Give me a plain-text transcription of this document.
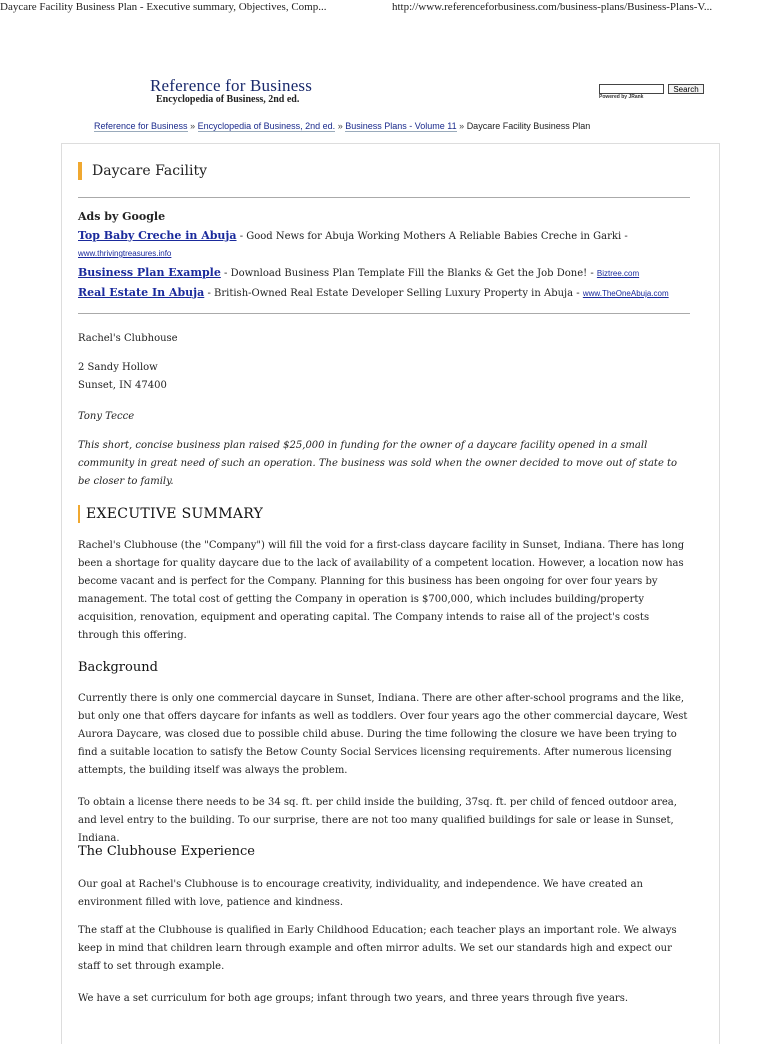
Daycare Facility Business Plan - Executive summary, Objectives, Comp...	http://www.referenceforbusiness.com/business-plans/Business-Plans-V...
Reference for Business
Encyclopedia of Business, 2nd ed.
Search
Powered by JRank
Reference for Business » Encyclopedia of Business, 2nd ed. » Business Plans - Volume 11 » Daycare Facility Business Plan
Daycare Facility
Ads by Google
Top Baby Creche in Abuja - Good News for Abuja Working Mothers A Reliable Babies Creche in Garki -
www.thrivingtreasures.info
Business Plan Example - Download Business Plan Template Fill the Blanks & Get the Job Done! - Biztree.com
Real Estate In Abuja - British-Owned Real Estate Developer Selling Luxury Property in Abuja - www.TheOneAbuja.com
Rachel's Clubhouse
2 Sandy Hollow
Sunset, IN 47400
Tony Tecce
This short, concise business plan raised $25,000 in funding for the owner of a daycare facility opened in a small community in great need of such an operation. The business was sold when the owner decided to move out of state to be closer to family.
EXECUTIVE SUMMARY
Rachel's Clubhouse (the "Company") will fill the void for a first-class daycare facility in Sunset, Indiana. There has long been a shortage for quality daycare due to the lack of availability of a competent location. However, a location now has become vacant and is perfect for the Company. Planning for this business has been ongoing for over four years by management. The total cost of getting the Company in operation is $700,000, which includes building/property acquisition, renovation, equipment and operating capital. The Company intends to raise all of the project's costs through this offering.
Background
Currently there is only one commercial daycare in Sunset, Indiana. There are other after-school programs and the like, but only one that offers daycare for infants as well as toddlers. Over four years ago the other commercial daycare, West Aurora Daycare, was closed due to possible child abuse. During the time following the closure we have been trying to find a suitable location to satisfy the Betow County Social Services licensing requirements. After numerous licensing attempts, the building itself was always the problem.
To obtain a license there needs to be 34 sq. ft. per child inside the building, 37sq. ft. per child of fenced outdoor area, and level entry to the building. To our surprise, there are not too many qualified buildings for sale or lease in Sunset, Indiana.
The Clubhouse Experience
Our goal at Rachel's Clubhouse is to encourage creativity, individuality, and independence. We have created an environment filled with love, patience and kindness.
The staff at the Clubhouse is qualified in Early Childhood Education; each teacher plays an important role. We always keep in mind that children learn through example and often mirror adults. We set our standards high and expect our staff to set through example.
We have a set curriculum for both age groups; infant through two years, and three years through five years.
